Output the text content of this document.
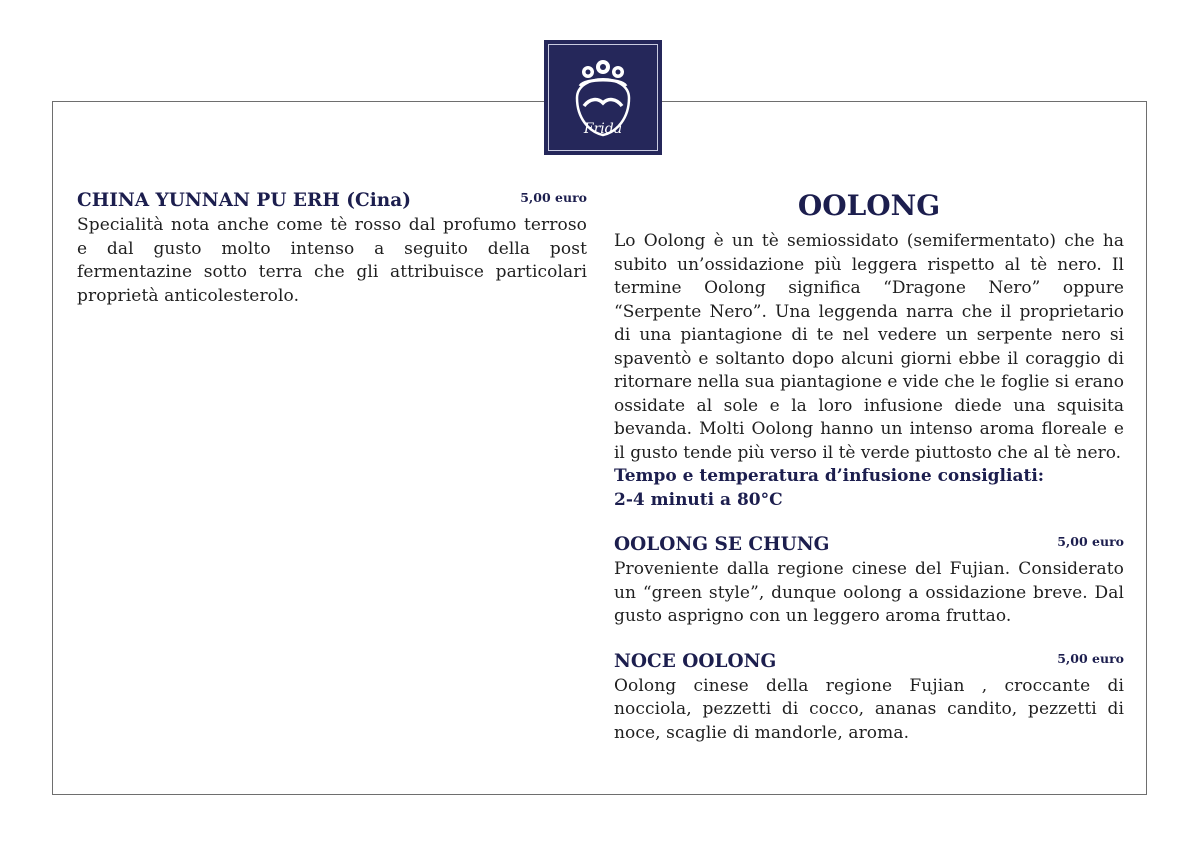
Frida
CHINA YUNNAN PU ERH (Cina)	5,00 euro

Specialità nota anche come tè rosso dal profumo terroso e dal gusto molto intenso a seguito della post fermentazine sotto terra che gli attribuisce particolari proprietà anticolesterolo.

OOLONG

Lo Oolong è un tè semiossidato (semifermentato) che ha subito un’ossidazione più leggera rispetto al tè nero. Il termine Oolong significa “Dragone Nero” oppure “Serpente Nero”. Una leggenda narra che il proprietario di una piantagione di te nel vedere un serpente nero si spaventò e soltanto dopo alcuni giorni ebbe il coraggio di ritornare nella sua piantagione e vide che le foglie si erano ossidate al sole e la loro infusione diede una squisita bevanda. Molti Oolong hanno un intenso aroma floreale e il gusto tende più verso il tè verde piuttosto che al tè nero.

Tempo e temperatura d’infusione consigliati:

2-4 minuti a 80°C

OOLONG SE CHUNG	5,00 euro

Proveniente dalla regione cinese del Fujian. Considerato un “green style”, dunque oolong a ossidazione breve. Dal gusto asprigno con un leggero aroma fruttao.

NOCE OOLONG	5,00 euro

Oolong cinese della regione Fujian , croccante di nocciola, pezzetti di cocco, ananas candito, pezzetti di noce, scaglie di mandorle, aroma.
